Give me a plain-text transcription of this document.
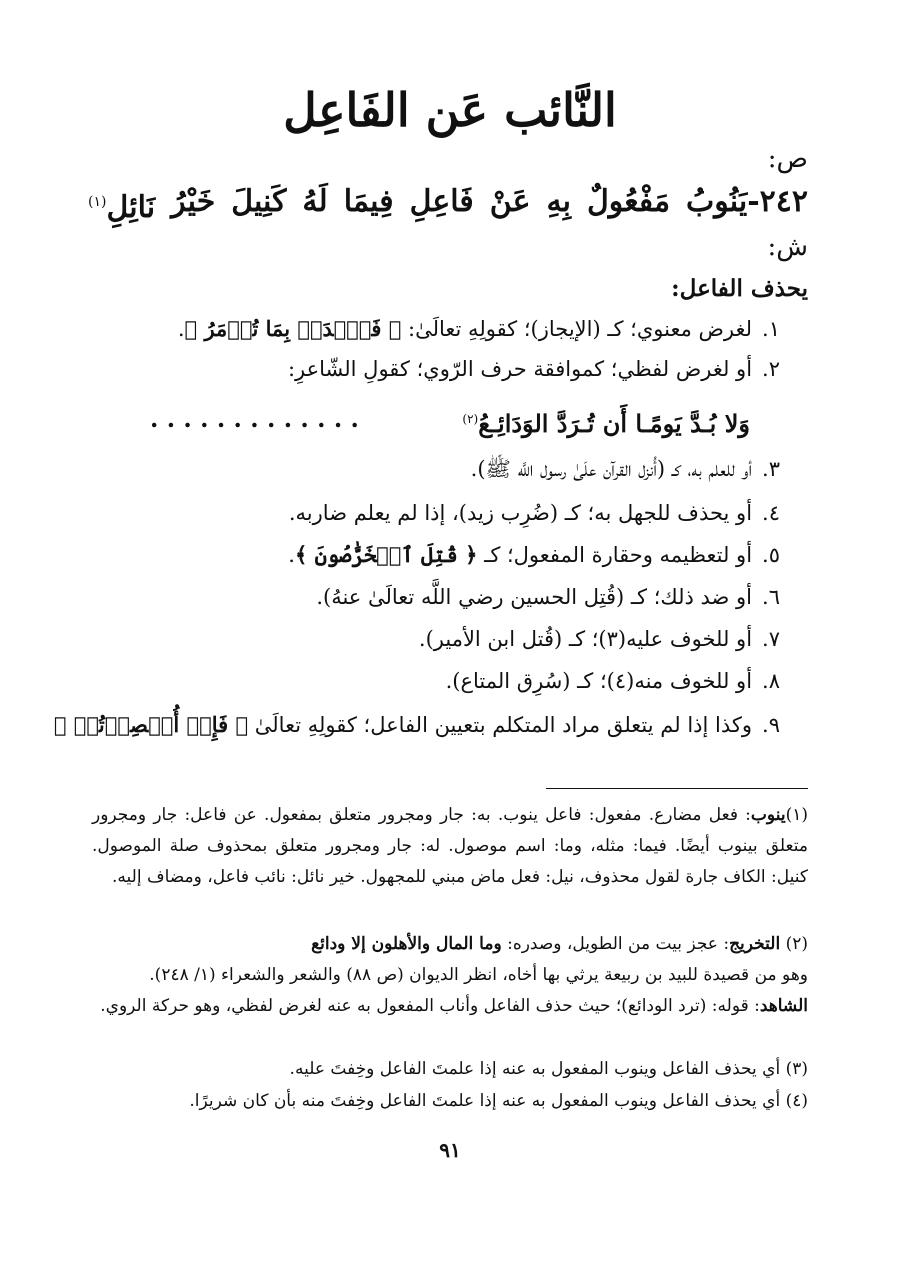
النَّائب عَن الفَاعِل
ص:
٢٤٢-يَنُوبُ
مَفْعُولٌ
بِهِ
عَنْ
فَاعِلِ
فِيمَا
لَهُ
كَنِيلَ
خَيْرُ
نَائِلِ$^{(١)}$
ش:
يحذف الفاعل:
١.لغرض معنوي؛ كـ (الإيجاز)؛ كقولِهِ تعالَىٰ: ﴿ فَٱصۡدَعۡ بِمَا تُؤۡمَرُ ﴾.
٢.أو لغرض لفظي؛ كموافقة حرف الرّوي؛ كقولِ الشّاعرِ:
وَلا بُـدَّ يَومًـا أَن تُـرَدَّ الوَدَائِـعُ$^{(٢)}$
. . . . . . . . . . . . .
٣.أو للعلم به، كـ (أُنزل القرآن علَىٰ رسول اللَّه ﷺ).
٤.أو يحذف للجهل به؛ كـ (ضُرِب زيد)، إذا لم يعلم ضاربه.
٥.أو لتعظيمه وحقارة المفعول؛ كـ ﴿ قُتِلَ ٱلۡخَرَّٰصُونَ ﴾.
٦.أو ضد ذلك؛ كـ (قُتِل الحسين رضي اللَّه تعالَىٰ عنهُ).
٧.أو للخوف عليه(٣)؛ كـ (قُتل ابن الأمير).
٨.أو للخوف منه(٤)؛ كـ (سُرِق المتاع).
٩.وكذا إذا لم يتعلق مراد المتكلم بتعيين الفاعل؛ كقولِهِ تعالَىٰ ﴿ فَإِنۡ أُحۡصِرۡتُمۡ ﴾
(١)ينوب: فعل مضارع. مفعول: فاعل ينوب. به: جار ومجرور متعلق بمفعول. عن فاعل: جار ومجرور متعلق بينوب أيضًا. فيما: مثله، وما: اسم موصول. له: جار ومجرور متعلق بمحذوف صلة الموصول. كنيل: الكاف جارة لقول محذوف، نيل: فعل ماض مبني للمجهول. خير نائل: نائب فاعل، ومضاف إليه.
(٢) التخريج: عجز بيت من الطويل، وصدره: وما المال والأهلون إلا ودائع
وهو من قصيدة للبيد بن ربيعة يرثي بها أخاه، انظر الديوان (ص ٨٨) والشعر والشعراء (١/ ٢٤٨).
الشاهد: قوله: (ترد الودائع)؛ حيث حذف الفاعل وأناب المفعول به عنه لغرض لفظي، وهو حركة الروي.
(٣) أي يحذف الفاعل وينوب المفعول به عنه إذا علمتَ الفاعل وخِفتَ عليه.
(٤) أي يحذف الفاعل وينوب المفعول به عنه إذا علمتَ الفاعل وخِفتَ منه بأن كان شريرًا.
٩١
